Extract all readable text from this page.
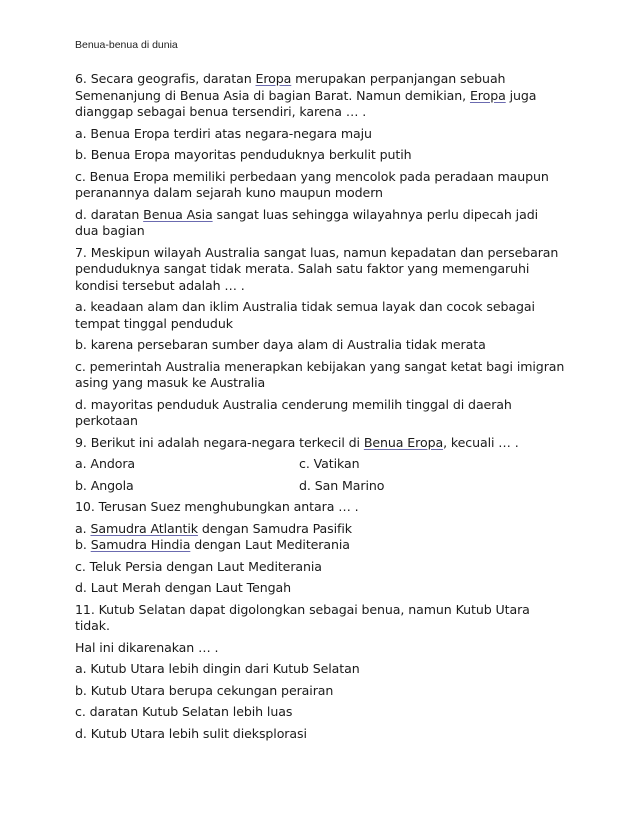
Benua-benua di dunia

6. Secara geografis, daratan Eropa merupakan perpanjangan sebuah Semenanjung di Benua Asia di bagian Barat. Namun demikian, Eropa juga dianggap sebagai benua tersendiri, karena … .

a. Benua Eropa terdiri atas negara-negara maju

b. Benua Eropa mayoritas penduduknya berkulit putih

c. Benua Eropa memiliki perbedaan yang mencolok pada peradaan maupun peranannya dalam sejarah kuno maupun modern

d. daratan Benua Asia sangat luas sehingga wilayahnya perlu dipecah jadi dua bagian

7. Meskipun wilayah Australia sangat luas, namun kepadatan dan persebaran penduduknya sangat tidak merata. Salah satu faktor yang memengaruhi kondisi tersebut adalah … .

a. keadaan alam dan iklim Australia tidak semua layak dan cocok sebagai tempat tinggal penduduk

b. karena persebaran sumber daya alam di Australia tidak merata

c. pemerintah Australia menerapkan kebijakan yang sangat ketat bagi imigran asing yang masuk ke Australia

d. mayoritas penduduk Australia cenderung memilih tinggal di daerah perkotaan

9. Berikut ini adalah negara-negara terkecil di Benua Eropa, kecuali … .

a. Andora	c. Vatikan
b. Angola	d. San Marino

10. Terusan Suez menghubungkan antara … .

a. Samudra Atlantik dengan Samudra Pasifik

b. Samudra Hindia dengan Laut Mediterania

c. Teluk Persia dengan Laut Mediterania

d. Laut Merah dengan Laut Tengah

11. Kutub Selatan dapat digolongkan sebagai benua, namun Kutub Utara tidak.

Hal ini dikarenakan … .

a. Kutub Utara lebih dingin dari Kutub Selatan

b. Kutub Utara berupa cekungan perairan

c. daratan Kutub Selatan lebih luas

d. Kutub Utara lebih sulit dieksplorasi
